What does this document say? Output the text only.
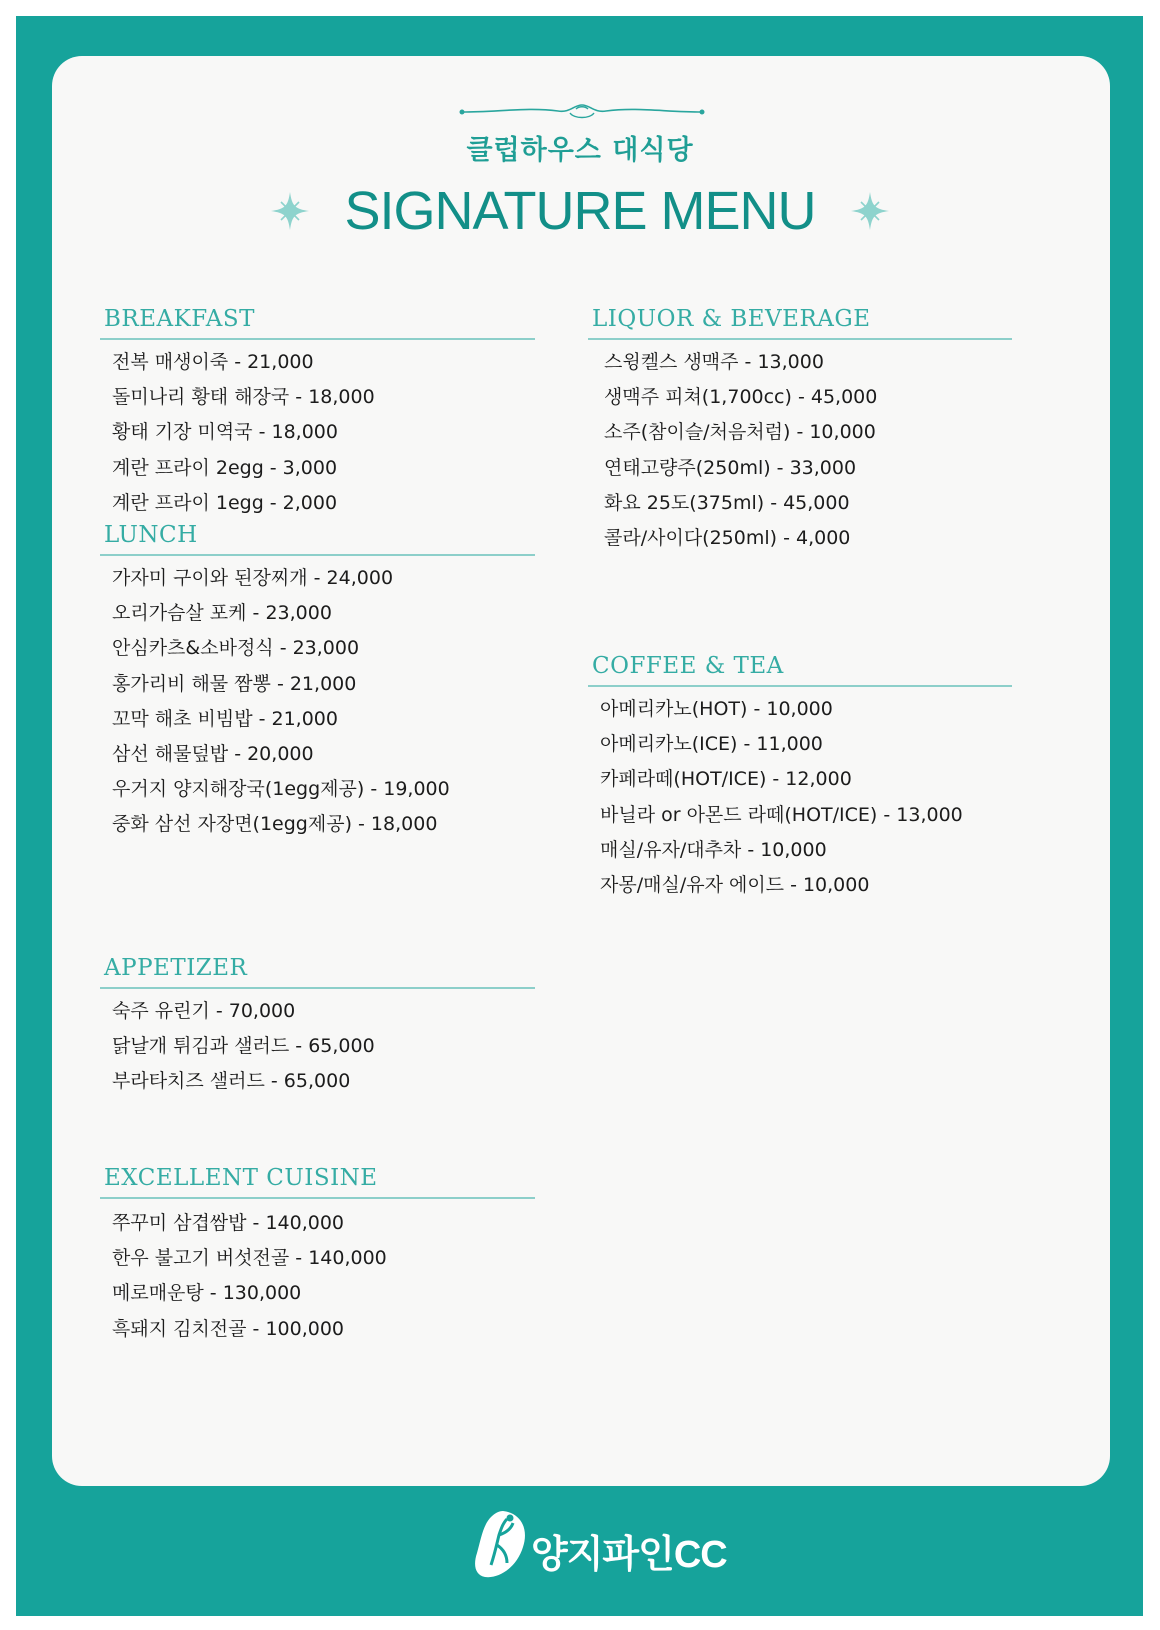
클럽하우스 대식당
SIGNATURE MENU
BREAKFAST
전복 매생이죽 - 21,000
돌미나리 황태 해장국 - 18,000
황태 기장 미역국 - 18,000
계란 프라이 2egg - 3,000
계란 프라이 1egg - 2,000
LUNCH
가자미 구이와 된장찌개 - 24,000
오리가슴살 포케 - 23,000
안심카츠&소바정식 - 23,000
홍가리비 해물 짬뽕 - 21,000
꼬막 해초 비빔밥 - 21,000
삼선 해물덮밥 - 20,000
우거지 양지해장국(1egg제공) - 19,000
중화 삼선 자장면(1egg제공) - 18,000
APPETIZER
숙주 유린기 - 70,000
닭날개 튀김과 샐러드 - 65,000
부라타치즈 샐러드 - 65,000
EXCELLENT CUISINE
쭈꾸미 삼겹쌈밥 - 140,000
한우 불고기 버섯전골 - 140,000
메로매운탕 - 130,000
흑돼지 김치전골 - 100,000
LIQUOR & BEVERAGE
스윙켈스 생맥주 - 13,000
생맥주 피쳐(1,700cc) - 45,000
소주(참이슬/처음처럼) - 10,000
연태고량주(250ml) - 33,000
화요 25도(375ml) - 45,000
콜라/사이다(250ml) - 4,000
COFFEE & TEA
아메리카노(HOT) - 10,000
아메리카노(ICE) - 11,000
카페라떼(HOT/ICE) - 12,000
바닐라 or 아몬드 라떼(HOT/ICE) - 13,000
매실/유자/대추차 - 10,000
자몽/매실/유자 에이드 - 10,000
양지파인CC
